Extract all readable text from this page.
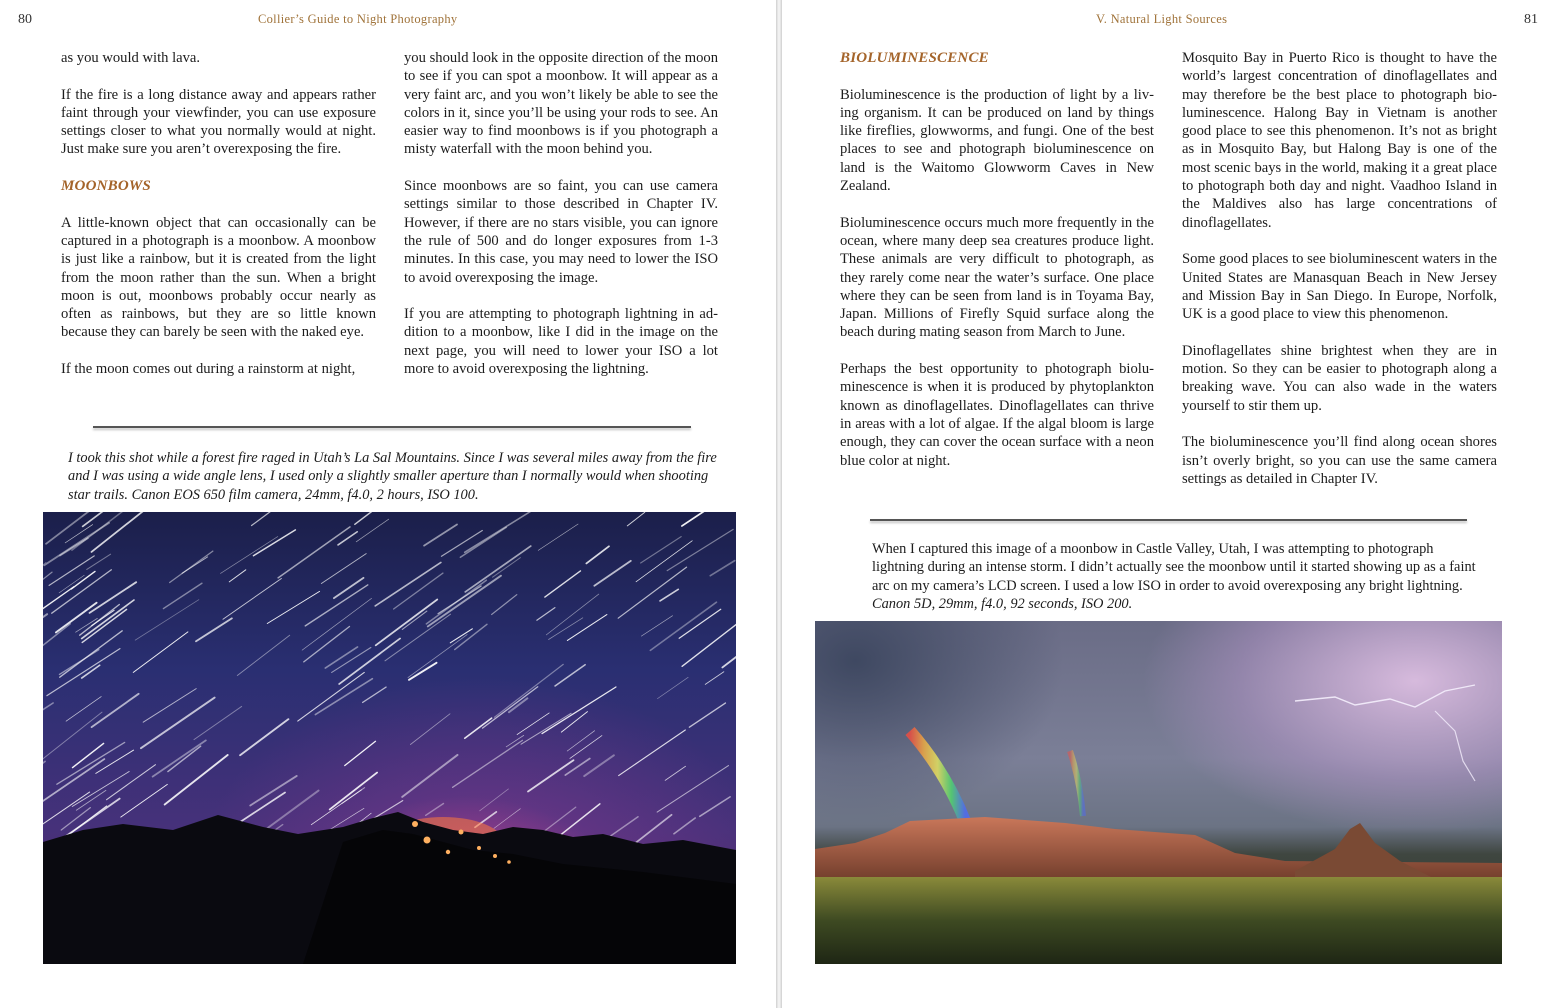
80	Collier’s Guide to Night Photography

as you would with lava.

If the fire is a long distance away and appears rather faint through your viewfinder, you can use exposure settings closer to what you normally would at night. Just make sure you aren’t overexposing the fire.

MOONBOWS

A little-known object that can occasionally can be captured in a photograph is a moonbow. A moonbow is just like a rainbow, but it is created from the light from the moon rather than the sun. When a bright moon is out, moonbows probably occur nearly as often as rainbows, but they are so little known because they can barely be seen with the naked eye.

If the moon comes out during a rainstorm at night,

you should look in the opposite direction of the moon to see if you can spot a moonbow. It will appear as a very faint arc, and you won’t likely be able to see the colors in it, since you’ll be using your rods to see. An easier way to find moonbows is if you photograph a misty waterfall with the moon behind you.

Since moonbows are so faint, you can use camera settings similar to those described in Chapter IV. However, if there are no stars visible, you can ignore the rule of 500 and do longer exposures from 1-3 minutes. In this case, you may need to lower the ISO to avoid overexposing the image.

If you are attempting to photograph lightning in addition to a moonbow, like I did in the image on the next page, you will need to lower your ISO a lot more to avoid overexposing the lightning.

I took this shot while a forest fire raged in Utah’s La Sal Mountains. Since I was several miles away from the fire and I was using a wide angle lens, I used only a slightly smaller aperture than I normally would when shooting star trails. Canon EOS 650 film camera, 24mm, f4.0, 2 hours, ISO 100.
V. Natural Light Sources	81
BIOLUMINESCENCE

Bioluminescence is the production of light by a living organism. It can be produced on land by things like fireflies, glowworms, and fungi. One of the best places to see and photograph bioluminescence on land is the Waitomo Glowworm Caves in New Zealand.

Bioluminescence occurs much more frequently in the ocean, where many deep sea creatures produce light. These animals are very difficult to photograph, as they rarely come near the water’s surface. One place where they can be seen from land is in Toyama Bay, Japan. Millions of Firefly Squid surface along the beach during mating season from March to June.

Perhaps the best opportunity to photograph bioluminescence is when it is produced by phytoplankton known as dinoflagellates. Dinoflagellates can thrive in areas with a lot of algae. If the algal bloom is large enough, they can cover the ocean surface with a neon blue color at night.

Mosquito Bay in Puerto Rico is thought to have the world’s largest concentration of dinoflagellates and may therefore be the best place to photograph bioluminescence. Halong Bay in Vietnam is another good place to see this phenomenon. It’s not as bright as in Mosquito Bay, but Halong Bay is one of the most scenic bays in the world, making it a great place to photograph both day and night. Vaadhoo Island in the Maldives also has large concentrations of dinoflagellates.

Some good places to see bioluminescent waters in the United States are Manasquan Beach in New Jersey and Mission Bay in San Diego. In Europe, Norfolk, UK is a good place to view this phenomenon.

Dinoflagellates shine brightest when they are in motion. So they can be easier to photograph along a breaking wave. You can also wade in the waters yourself to stir them up.

The bioluminescence you’ll find along ocean shores isn’t overly bright, so you can use the same camera settings as detailed in Chapter IV.

When I captured this image of a moonbow in Castle Valley, Utah, I was attempting to photograph lightning during an intense storm. I didn’t actually see the moonbow until it started showing up as a faint arc on my camera’s LCD screen. I used a low ISO in order to avoid overexposing any bright lightning. Canon 5D, 29mm, f4.0, 92 seconds, ISO 200.
